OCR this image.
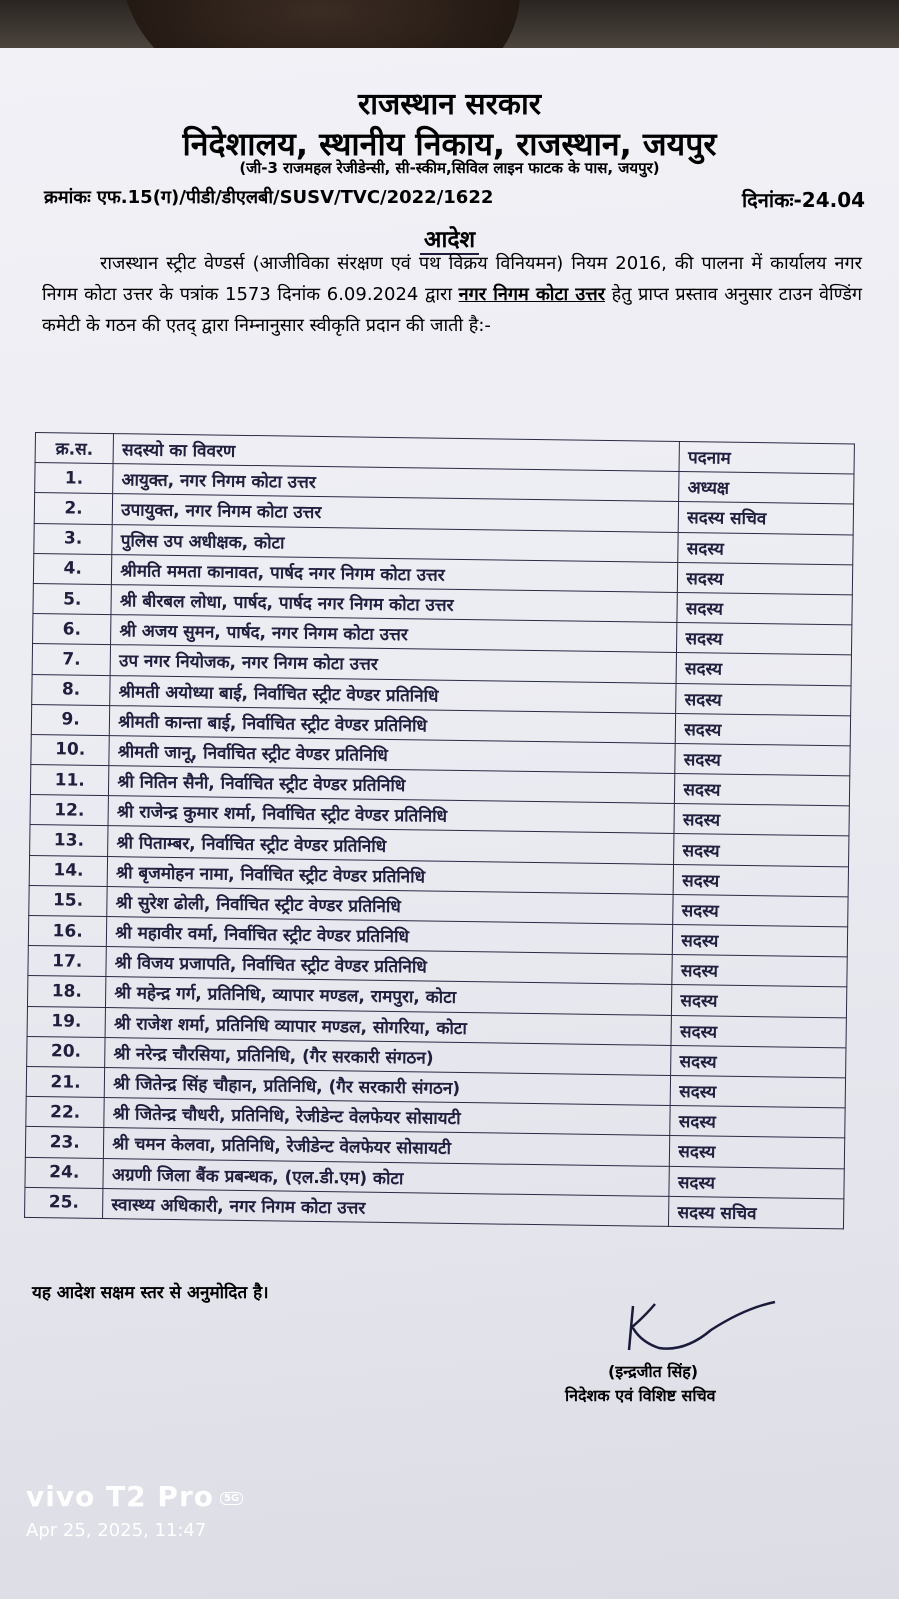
राजस्थान सरकार
निदेशालय, स्थानीय निकाय, राजस्थान, जयपुर
(जी-3 राजमहल रेजीडेन्सी, सी-स्कीम,सिविल लाइन फाटक के पास, जयपुर)
क्रमांकः एफ.15(ग)/पीडी/डीएलबी/SUSV/TVC/2022/1622	दिनांकः-24.04
आदेश

राजस्थान स्ट्रीट वेण्डर्स (आजीविका संरक्षण एवं पथ विक्रय विनियमन) नियम 2016, की पालना में कार्यालय नगर निगम कोटा उत्तर के पत्रांक 1573 दिनांक 6.09.2024 द्वारा नगर निगम कोटा उत्तर हेतु प्राप्त प्रस्ताव अनुसार टाउन वेण्डिंग कमेटी के गठन की एतद् द्वारा निम्नानुसार स्वीकृति प्रदान की जाती है:-

क्र.स.	सदस्यो का विवरण	पदनाम
1.	आयुक्त, नगर निगम कोटा उत्तर	अध्यक्ष
2.	उपायुक्त, नगर निगम कोटा उत्तर	सदस्य सचिव
3.	पुलिस उप अधीक्षक, कोटा	सदस्य
4.	श्रीमति ममता कानावत, पार्षद नगर निगम कोटा उत्तर	सदस्य
5.	श्री बीरबल लोधा, पार्षद, पार्षद नगर निगम कोटा उत्तर	सदस्य
6.	श्री अजय सुमन, पार्षद, नगर निगम कोटा उत्तर	सदस्य
7.	उप नगर नियोजक, नगर निगम कोटा उत्तर	सदस्य
8.	श्रीमती अयोध्या बाई, निर्वाचित स्ट्रीट वेण्डर प्रतिनिधि	सदस्य
9.	श्रीमती कान्ता बाई, निर्वाचित स्ट्रीट वेण्डर प्रतिनिधि	सदस्य
10.	श्रीमती जानू, निर्वाचित स्ट्रीट वेण्डर प्रतिनिधि	सदस्य
11.	श्री नितिन सैनी, निर्वाचित स्ट्रीट वेण्डर प्रतिनिधि	सदस्य
12.	श्री राजेन्द्र कुमार शर्मा, निर्वाचित स्ट्रीट वेण्डर प्रतिनिधि	सदस्य
13.	श्री पिताम्बर, निर्वाचित स्ट्रीट वेण्डर प्रतिनिधि	सदस्य
14.	श्री बृजमोहन नामा, निर्वाचित स्ट्रीट वेण्डर प्रतिनिधि	सदस्य
15.	श्री सुरेश ढोली, निर्वाचित स्ट्रीट वेण्डर प्रतिनिधि	सदस्य
16.	श्री महावीर वर्मा, निर्वाचित स्ट्रीट वेण्डर प्रतिनिधि	सदस्य
17.	श्री विजय प्रजापति, निर्वाचित स्ट्रीट वेण्डर प्रतिनिधि	सदस्य
18.	श्री महेन्द्र गर्ग, प्रतिनिधि, व्यापार मण्डल, रामपुरा, कोटा	सदस्य
19.	श्री राजेश शर्मा, प्रतिनिधि व्यापार मण्डल, सोगरिया, कोटा	सदस्य
20.	श्री नरेन्द्र चौरसिया, प्रतिनिधि, (गैर सरकारी संगठन)	सदस्य
21.	श्री जितेन्द्र सिंह चौहान, प्रतिनिधि, (गैर सरकारी संगठन)	सदस्य
22.	श्री जितेन्द्र चौधरी, प्रतिनिधि, रेजीडेन्ट वेलफेयर सोसायटी	सदस्य
23.	श्री चमन केलवा, प्रतिनिधि, रेजीडेन्ट वेलफेयर सोसायटी	सदस्य
24.	अग्रणी जिला बैंक प्रबन्धक, (एल.डी.एम) कोटा	सदस्य
25.	स्वास्थ्य अधिकारी, नगर निगम कोटा उत्तर	सदस्य सचिव
यह आदेश सक्षम स्तर से अनुमोदित है।
(इन्द्रजीत सिंह)
निदेशक एवं विशिष्ट सचिव
vivo T2 Pro 5G
Apr 25, 2025, 11:47
